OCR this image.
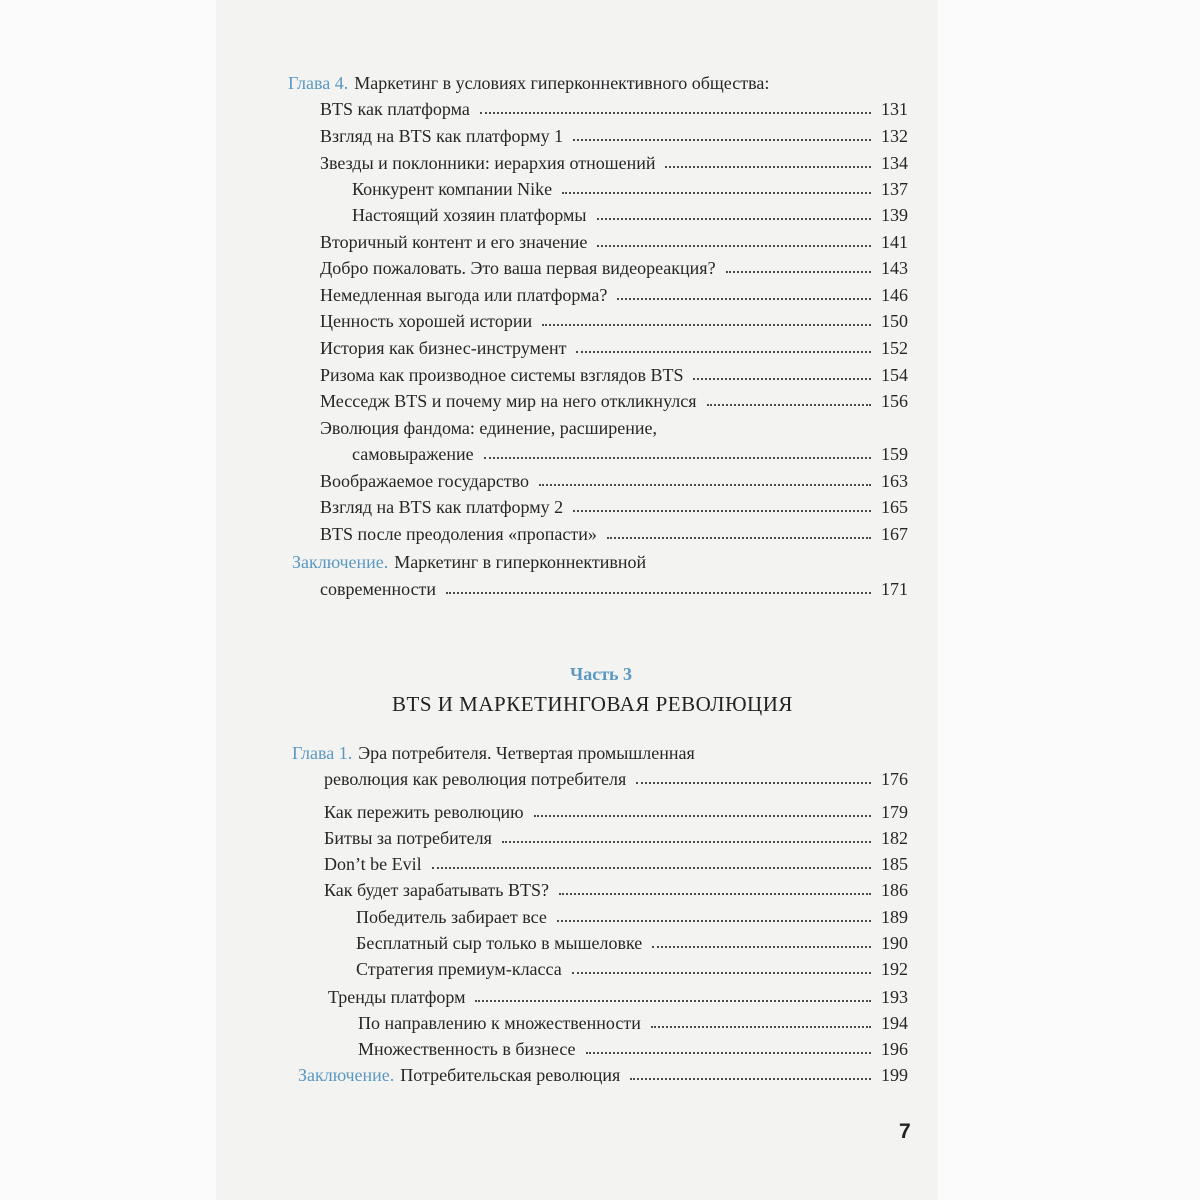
Глава 4. Маркетинг в условиях гиперконнективного общества:
BTS как платформа	131
Взгляд на BTS как платформу 1	132
Звезды и поклонники: иерархия отношений	134
Конкурент компании Nike	137
Настоящий хозяин платформы	139
Вторичный контент и его значение	141
Добро пожаловать. Это ваша первая видеореакция?	143
Немедленная выгода или платформа?	146
Ценность хорошей истории	150
История как бизнес-инструмент	152
Ризома как производное системы взглядов BTS	154
Месседж BTS и почему мир на него откликнулся	156
Эволюция фандома: единение, расширение,
самовыражение	159
Воображаемое государство	163
Взгляд на BTS как платформу 2	165
BTS после преодоления «пропасти»	167
Заключение. Маркетинг в гиперконнективной
современности	171
Часть 3
BTS И МАРКЕТИНГОВАЯ РЕВОЛЮЦИЯ
Глава 1. Эра потребителя. Четвертая промышленная
революция как революция потребителя	176
Как пережить революцию	179
Битвы за потребителя	182
Don’t be Evil	185
Как будет зарабатывать BTS?	186
Победитель забирает все	189
Бесплатный сыр только в мышеловке	190
Стратегия премиум-класса	192
Тренды платформ	193
По направлению к множественности	194
Множественность в бизнесе	196
Заключение. Потребительская революция	199
7
